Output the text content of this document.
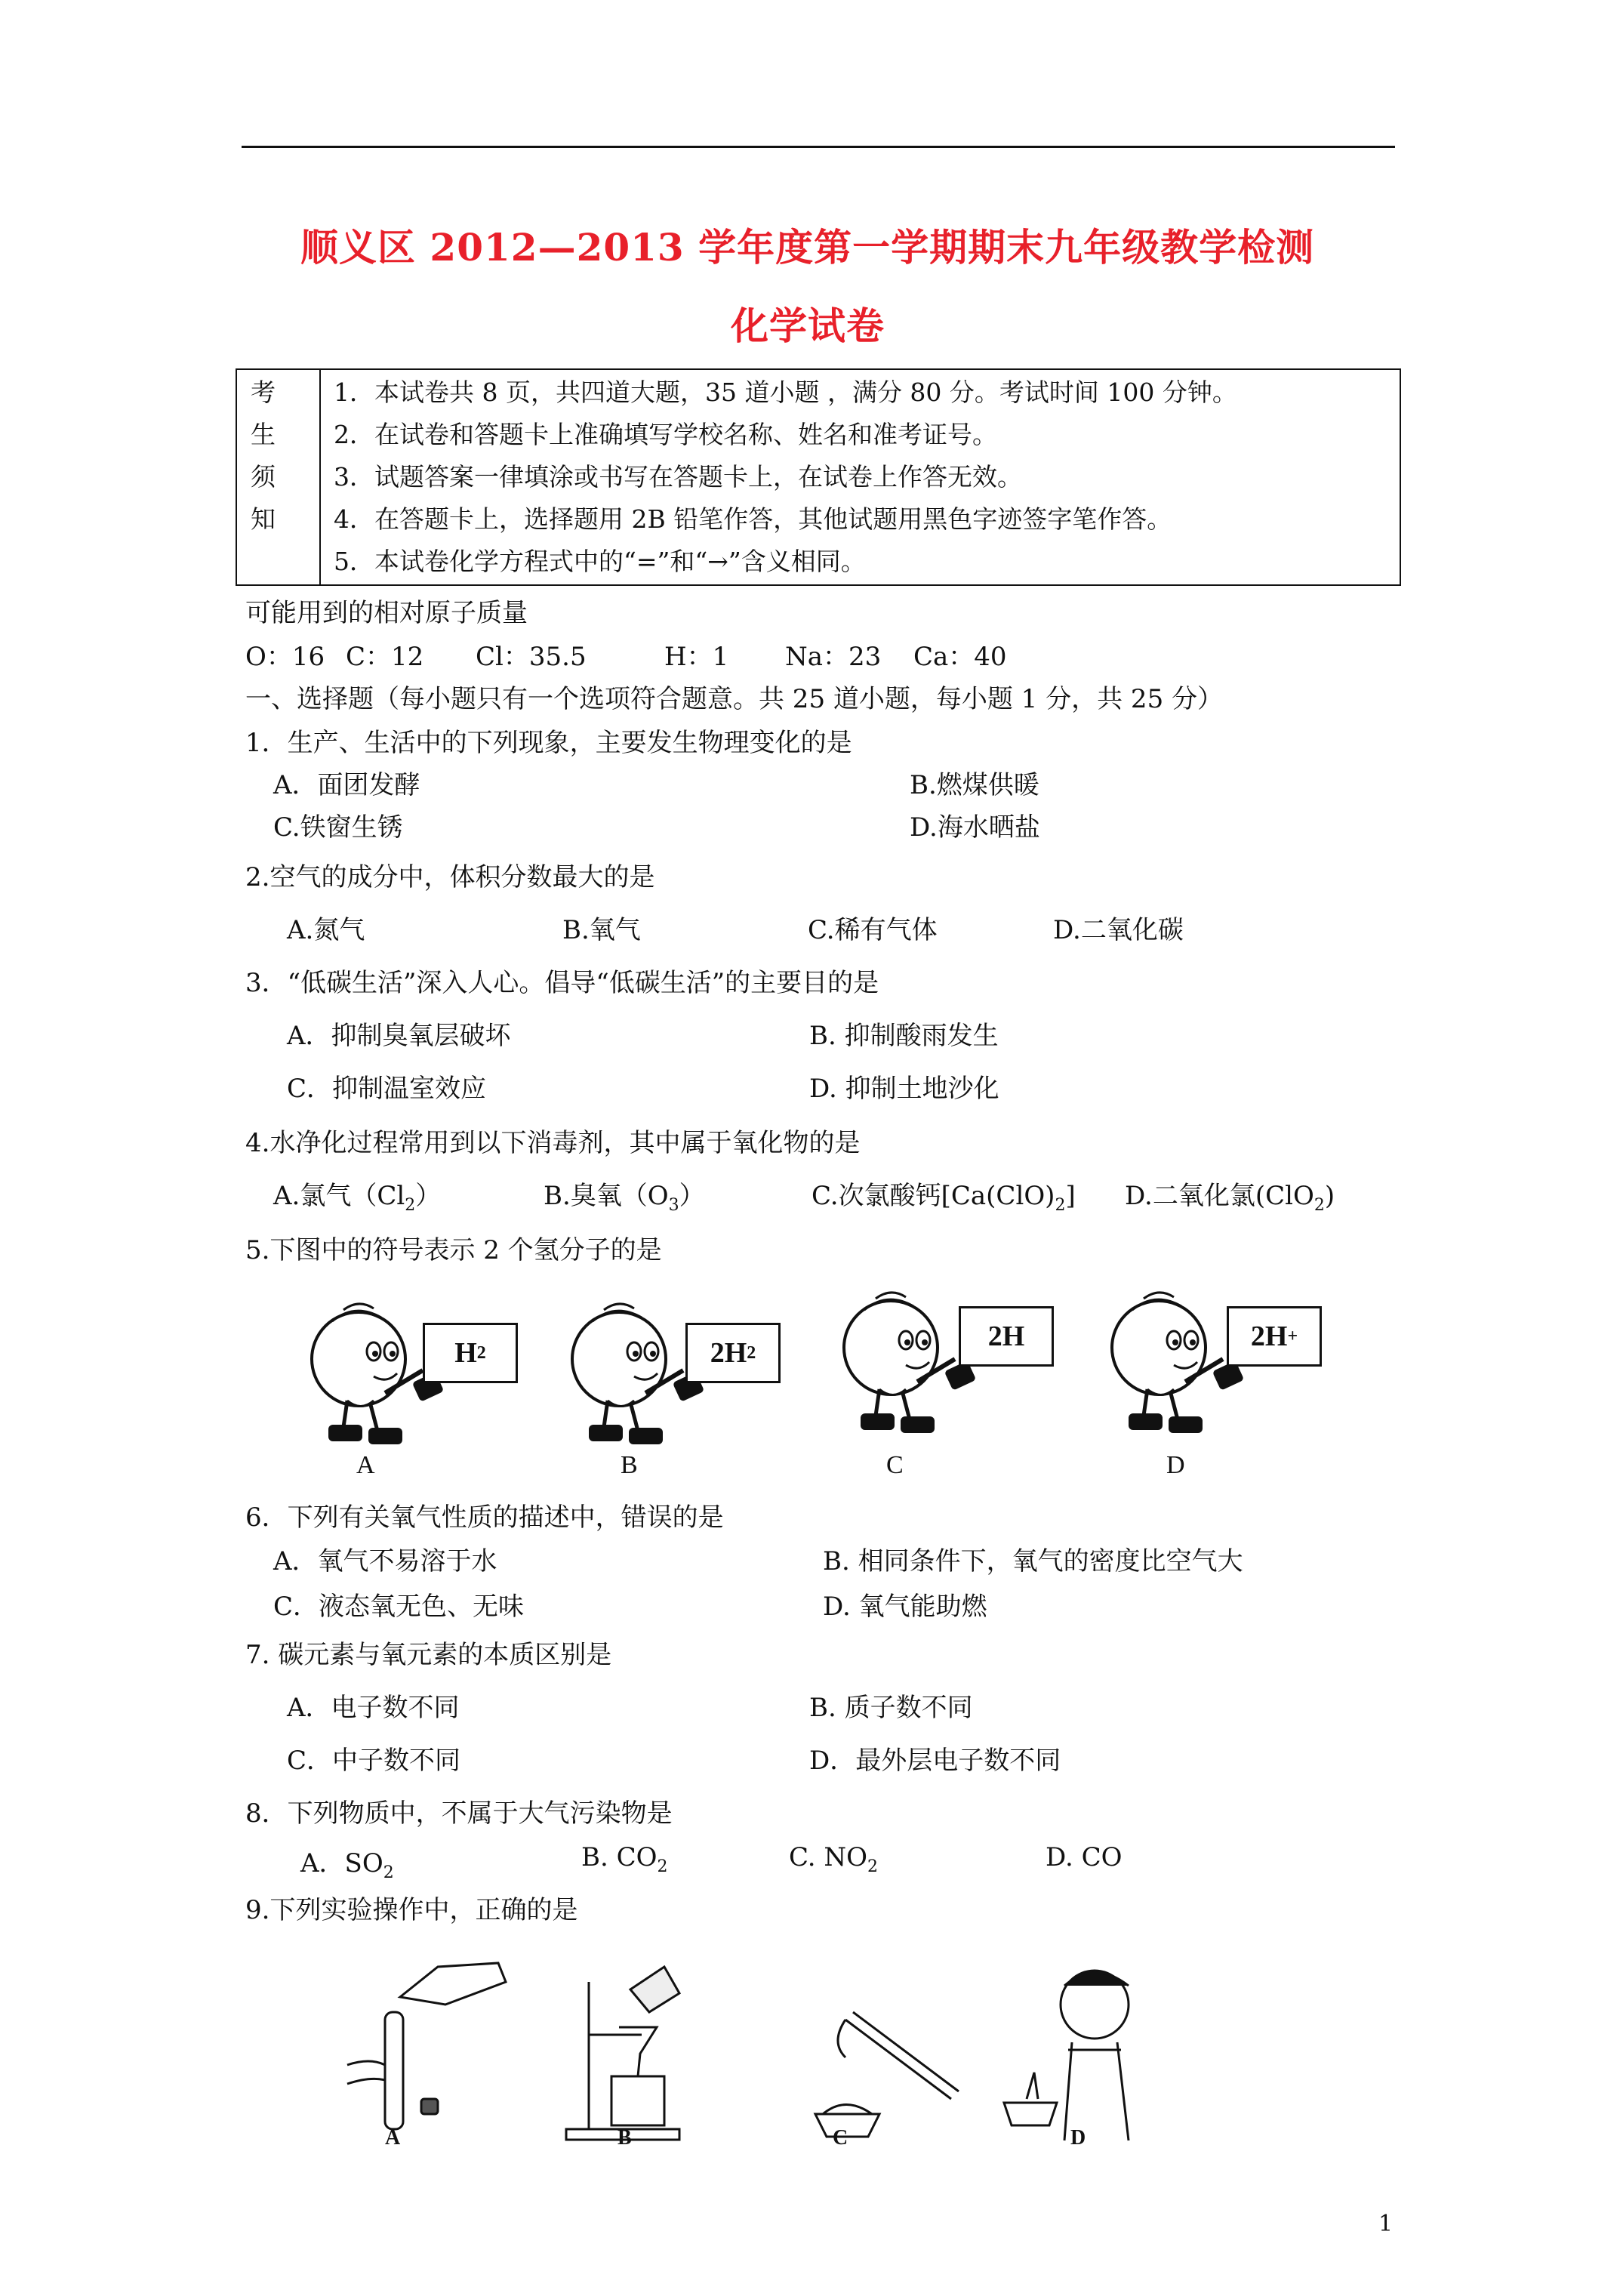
顺义区 2012—2013 学年度第一学期期末九年级教学检测
化学试卷
考
生
须
知
1．本试卷共 8 页，共四道大题，35 道小题 ，满分 80 分。考试时间 100 分钟。
2．在试卷和答题卡上准确填写学校名称、姓名和准考证号。
3．试题答案一律填涂或书写在答题卡上，在试卷上作答无效。
4．在答题卡上，选择题用 2B 铅笔作答，其他试题用黑色字迹签字笔作答。
5．本试卷化学方程式中的“=”和“→”含义相同。
可能用到的相对原子质量
O：16 C：12 Cl：35.5	H：1 Na：23 Ca：40
一、选择题（每小题只有一个选项符合题意。共 25 道小题，每小题 1 分，共 25 分）
1．生产、生活中的下列现象，主要发生物理变化的是
A．面团发酵	B.燃煤供暖
C.铁窗生锈	D.海水晒盐
2.空气的成分中，体积分数最大的是
A.氮气	B.氧气	C.稀有气体	D.二氧化碳
3．“低碳生活”深入人心。倡导“低碳生活”的主要目的是
A．抑制臭氧层破坏	B. 抑制酸雨发生
C．抑制温室效应	D. 抑制土地沙化
4.水净化过程常用到以下消毒剂，其中属于氧化物的是
A.氯气$(Cl_2)$	B.臭氧$(O_3)$	C.次氯酸钙$[Ca(ClO)_2]$ D.二氧化氯(ClO$_2$)
5.下图中的符号表示 2 个氢分子的是
H 2	2H 2
2H	2H +
A	B	C	D
6．下列有关氧气性质的描述中，错误的是
A．氧气不易溶于水	B. 相同条件下，氧气的密度比空气大
C．液态氧无色、无味	D. 氧气能助燃
7. 碳元素与氧元素的本质区别是
A．电子数不同	B. 质子数不同
C．中子数不同	D．最外层电子数不同
8．下列物质中，不属于大气污染物是
A．$SO_2$
B. $CO_2$	C. $NO_2$	D. CO
9.下列实验操作中，正确的是
A	B	C	D
1
